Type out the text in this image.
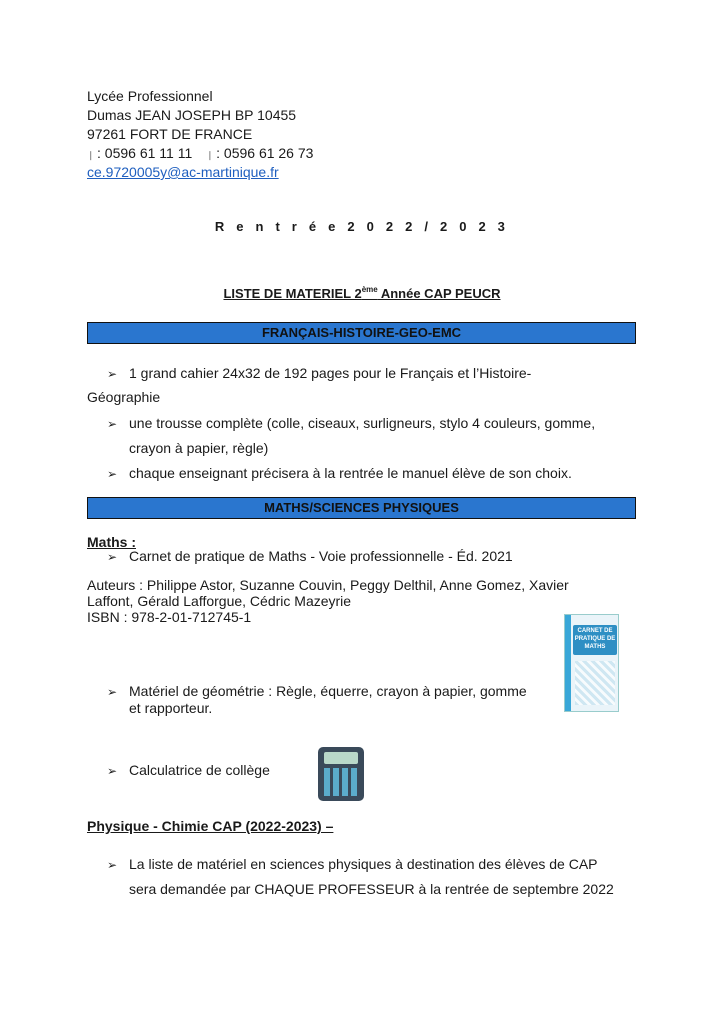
Lycée Professionnel
Dumas JEAN JOSEPH BP 10455
97261 FORT DE FRANCE
❘ : 0596 61 11 11 ❘ : 0596 61 26 73
ce.9720005y@ac-martinique.fr
R e n t r é e 2 0 2 2 / 2 0 2 3
LISTE DE MATERIEL 2ème Année CAP PEUCR
FRANÇAIS-HISTOIRE-GEO-EMC
➢ 1 grand cahier 24x32 de 192 pages pour le Français et l’Histoire-
Géographie
➢ une trousse complète (colle, ciseaux, surligneurs, stylo 4 couleurs, gomme,
crayon à papier, règle)
➢ chaque enseignant précisera à la rentrée le manuel élève de son choix.
MATHS/SCIENCES PHYSIQUES
Maths :
➢ Carnet de pratique de Maths - Voie professionnelle - Éd. 2021
Auteurs : Philippe Astor, Suzanne Couvin, Peggy Delthil, Anne Gomez, Xavier
Laffont, Gérald Lafforgue, Cédric Mazeyrie
ISBN : 978-2-01-712745-1
CARNET DE PRATIQUE DE MATHS
➢ Matériel de géométrie : Règle, équerre, crayon à papier, gomme
et rapporteur.
➢ Calculatrice de collège
Physique - Chimie CAP (2022-2023) –
➢ La liste de matériel en sciences physiques à destination des élèves de CAP
sera demandée par CHAQUE PROFESSEUR à la rentrée de septembre 2022
